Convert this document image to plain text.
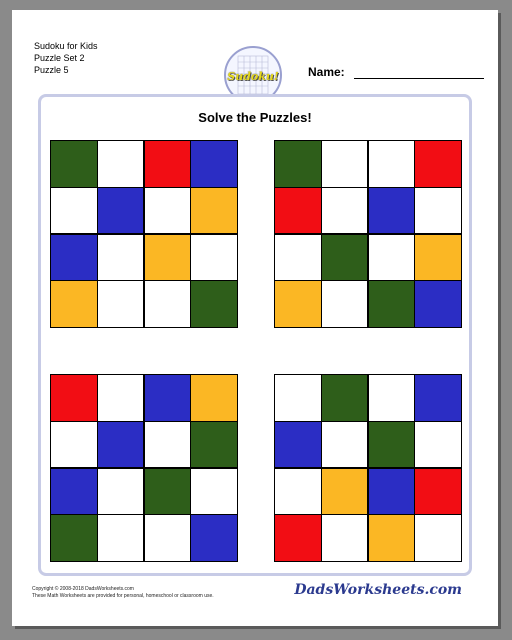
Sudoku for Kids
Puzzle Set 2
Puzzle 5	Sudoku! Name:
Solve the Puzzles!
Copyright © 2008-2018 DadsWorksheets.com
These Math Worksheets are provided for personal, homeschool or classroom use.	DadsWorksheets.com
